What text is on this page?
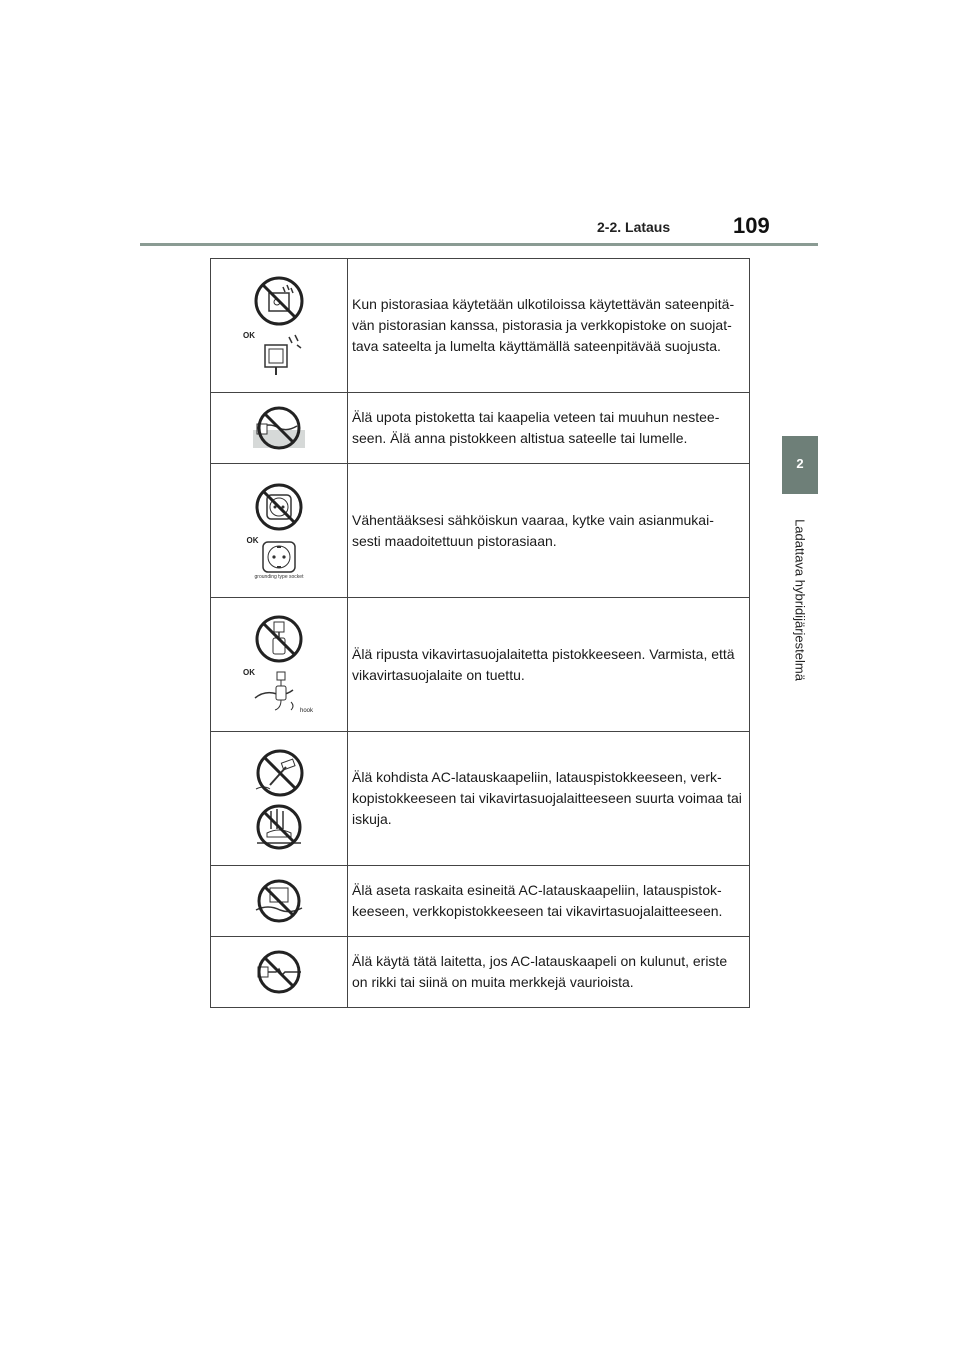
2-2. Lataus	109
2
Ladattava hybridijärjestelmä
OK	Kun pistorasiaa käytetään ulkotiloissa käytettävän sateenpitä- vän pistorasian kanssa, pistorasia ja verkkopistoke on suojat- tava sateelta ja lumelta käyttämällä sateenpitävää suojusta.

	Älä upota pistoketta tai kaapelia veteen tai muuhun nestee- seen. Älä anna pistokkeen altistua sateelle tai lumelle.

OK
grounding type socket	Vähentääksesi sähköiskun vaaraa, kytke vain asianmukai- sesti maadoitettuun pistorasiaan.

OK
hook	Älä ripusta vikavirtasuojalaitetta pistokkeeseen. Varmista, että vikavirtasuojalaite on tuettu.

	Älä kohdista AC-latauskaapeliin, latauspistokkeeseen, verk- kopistokkeeseen tai vikavirtasuojalaitteeseen suurta voimaa tai iskuja.

	Älä aseta raskaita esineitä AC-latauskaapeliin, latauspistok- keeseen, verkkopistokkeeseen tai vikavirtasuojalaitteeseen.

	Älä käytä tätä laitetta, jos AC-latauskaapeli on kulunut, eriste on rikki tai siinä on muita merkkejä vaurioista.
